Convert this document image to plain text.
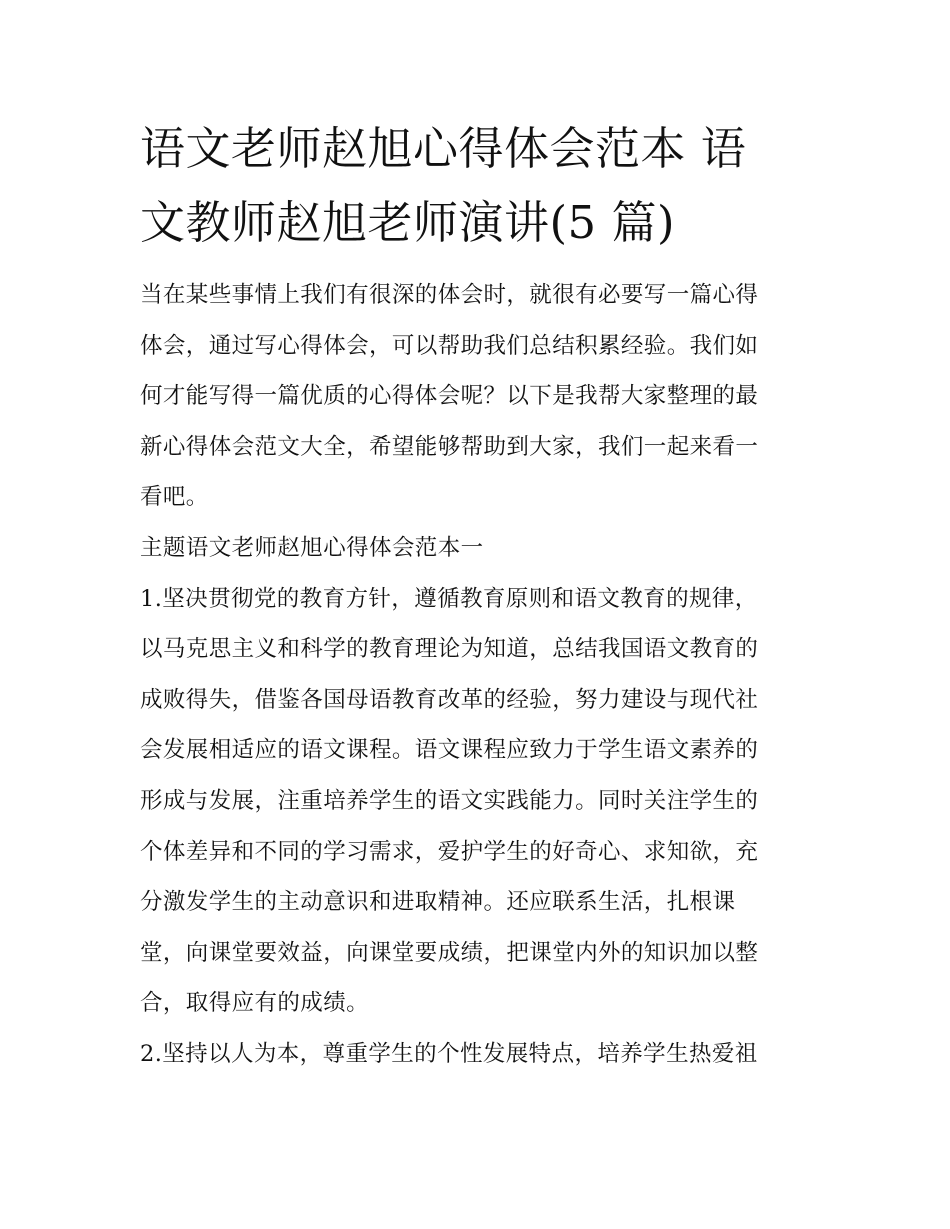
语文老师赵旭心得体会范本 语
文教师赵旭老师演讲(5 篇)

当在某些事情上我们有很深的体会时，就很有必要写一篇心得
体会，通过写心得体会，可以帮助我们总结积累经验。我们如
何才能写得一篇优质的心得体会呢？以下是我帮大家整理的最
新心得体会范文大全，希望能够帮助到大家，我们一起来看一
看吧。

主题语文老师赵旭心得体会范本一

1.坚决贯彻党的教育方针，遵循教育原则和语文教育的规律，
以马克思主义和科学的教育理论为知道，总结我国语文教育的
成败得失，借鉴各国母语教育改革的经验，努力建设与现代社
会发展相适应的语文课程。语文课程应致力于学生语文素养的
形成与发展，注重培养学生的语文实践能力。同时关注学生的
个体差异和不同的学习需求，爱护学生的好奇心、求知欲，充
分激发学生的主动意识和进取精神。还应联系生活，扎根课
堂，向课堂要效益，向课堂要成绩，把课堂内外的知识加以整
合，取得应有的成绩。

2.坚持以人为本，尊重学生的个性发展特点，培养学生热爱祖
